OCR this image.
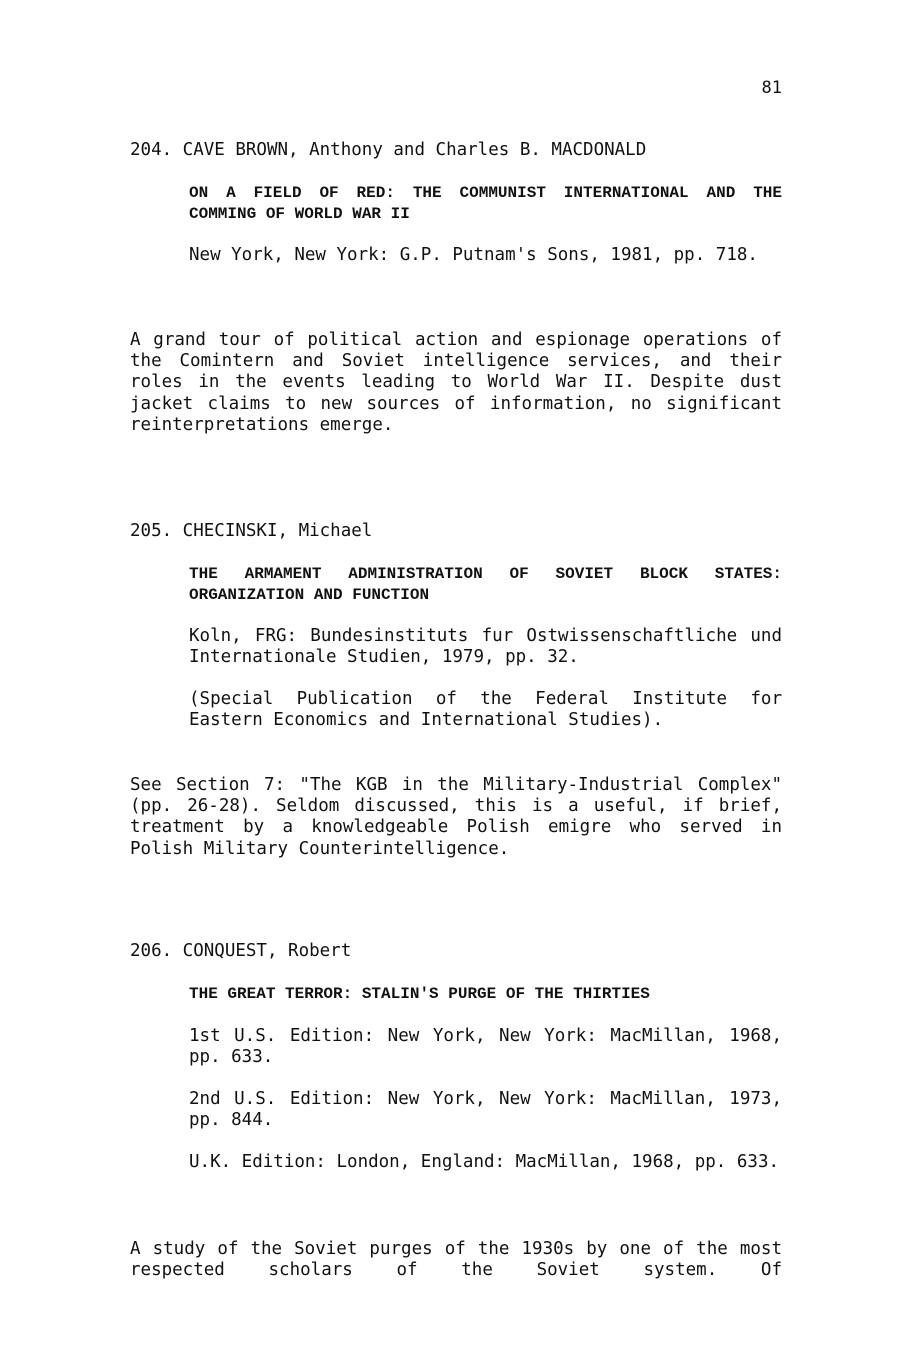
81
204. CAVE BROWN, Anthony and Charles B. MACDONALD
ON A FIELD OF RED: THE COMMUNIST INTERNATIONAL AND THE COMMING OF WORLD WAR II
New York, New York: G.P. Putnam's Sons, 1981, pp. 718.
A grand tour of political action and espionage operations of the Comintern and Soviet intelligence services, and their roles in the events leading to World War II. Despite dust jacket claims to new sources of information, no significant reinterpretations emerge.
205. CHECINSKI, Michael
THE ARMAMENT ADMINISTRATION OF SOVIET BLOCK STATES: ORGANIZATION AND FUNCTION
Koln, FRG: Bundesinstituts fur Ostwissenschaftliche und Internationale Studien, 1979, pp. 32.
(Special Publication of the Federal Institute for Eastern Economics and International Studies).
See Section 7: "The KGB in the Military-Industrial Complex" (pp. 26-28). Seldom discussed, this is a useful, if brief, treatment by a knowledgeable Polish emigre who served in Polish Military Counterintelligence.
206. CONQUEST, Robert
THE GREAT TERROR: STALIN'S PURGE OF THE THIRTIES
1st U.S. Edition: New York, New York: MacMillan, 1968, pp. 633.
2nd U.S. Edition: New York, New York: MacMillan, 1973, pp. 844.
U.K. Edition: London, England: MacMillan, 1968, pp. 633.
A study of the Soviet purges of the 1930s by one of the most respected scholars of the Soviet system. Of
